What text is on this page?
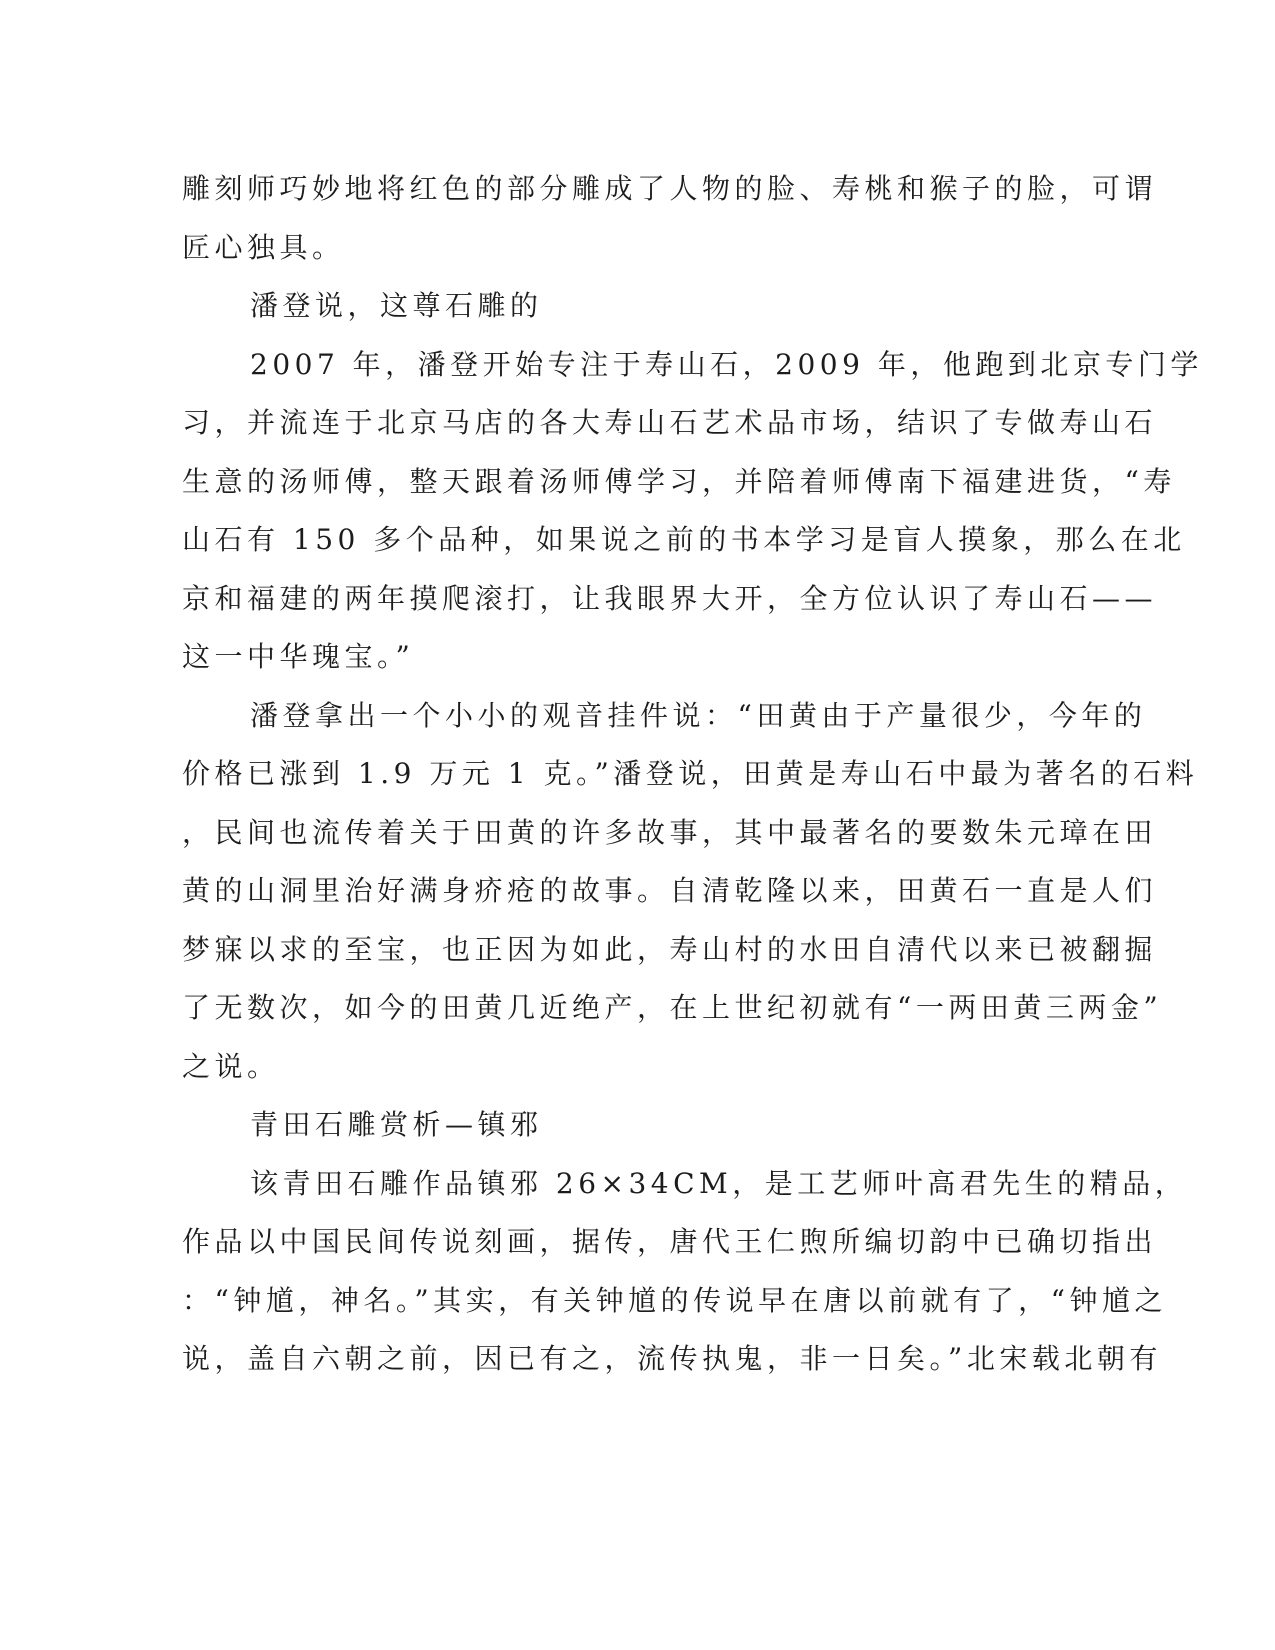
雕刻师巧妙地将红色的部分雕成了人物的脸、寿桃和猴子的脸，可谓

匠心独具。

潘登说，这尊石雕的

2007 年，潘登开始专注于寿山石，2009 年，他跑到北京专门学

习，并流连于北京马店的各大寿山石艺术品市场，结识了专做寿山石

生意的汤师傅，整天跟着汤师傅学习，并陪着师傅南下福建进货，“寿

山石有 150 多个品种，如果说之前的书本学习是盲人摸象，那么在北

京和福建的两年摸爬滚打，让我眼界大开，全方位认识了寿山石——

这一中华瑰宝。”

潘登拿出一个小小的观音挂件说：“田黄由于产量很少，今年的

价格已涨到 1.9 万元 1 克。”潘登说，田黄是寿山石中最为著名的石料

，民间也流传着关于田黄的许多故事，其中最著名的要数朱元璋在田

黄的山洞里治好满身疥疮的故事。自清乾隆以来，田黄石一直是人们

梦寐以求的至宝，也正因为如此，寿山村的水田自清代以来已被翻掘

了无数次，如今的田黄几近绝产，在上世纪初就有“一两田黄三两金”

之说。

青田石雕赏析—镇邪

该青田石雕作品镇邪 26×34CM，是工艺师叶高君先生的精品，

作品以中国民间传说刻画，据传，唐代王仁煦所编切韵中已确切指出

：“钟馗，神名。”其实，有关钟馗的传说早在唐以前就有了，“钟馗之

说，盖自六朝之前，因已有之，流传执鬼，非一日矣。”北宋载北朝有
